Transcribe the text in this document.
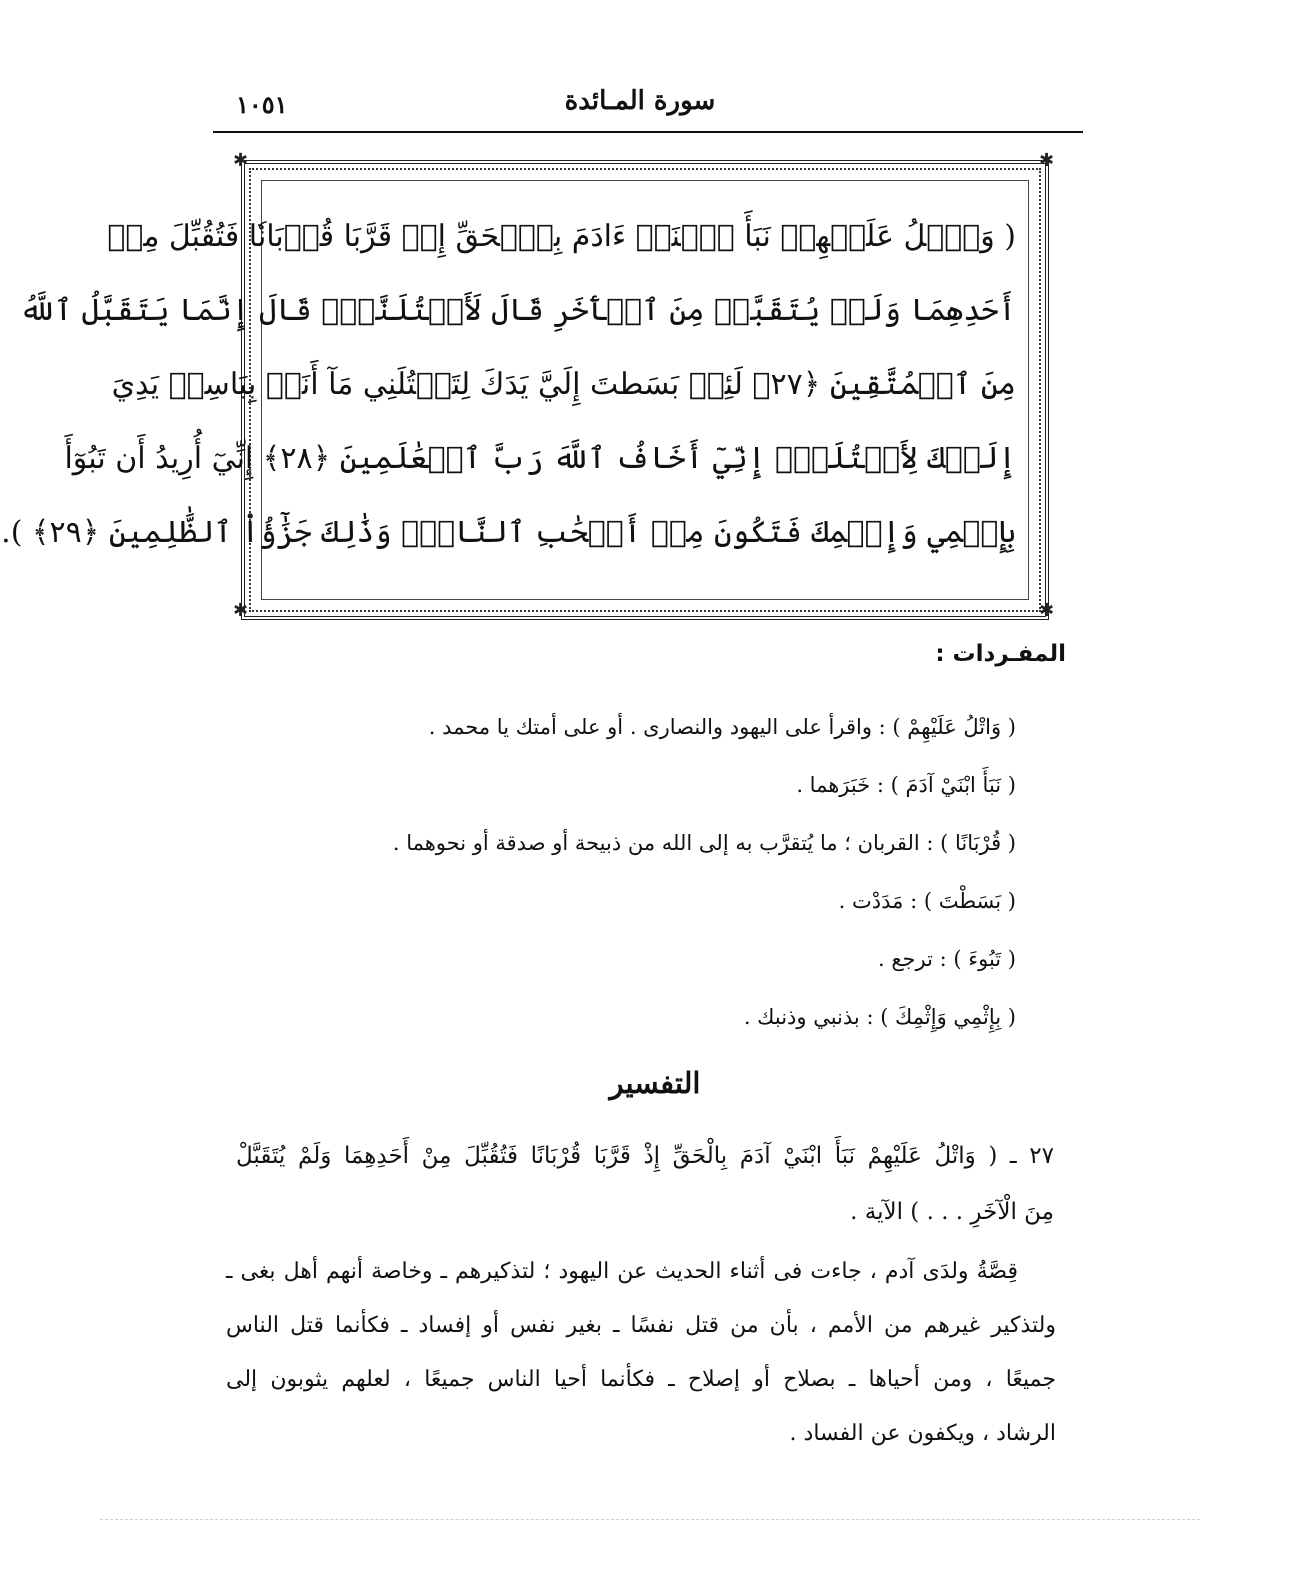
سورة المـائدة
١٠٥١
✱	✱
✱	✱
( وَٱتۡلُ عَلَيۡهِمۡ نَبَأَ ٱبۡنَيۡ ءَادَمَ بِٱلۡحَقِّ إِذۡ قَرَّبَا قُرۡبَانٗا فَتُقُبِّلَ مِنۡ
أَحَدِهِمَا وَلَمۡ يُتَقَبَّلۡ مِنَ ٱلۡأٓخَرِ قَالَ لَأَقۡتُلَنَّكَۖ قَالَ إِنَّمَا يَتَقَبَّلُ ٱللَّهُ
مِنَ ٱلۡمُتَّقِينَ ﴿٢٧﴾ لَئِنۢ بَسَطتَ إِلَيَّ يَدَكَ لِتَقۡتُلَنِي مَآ أَنَا۠ بِبَاسِطٖ يَدِيَ
إِلَيۡكَ لِأَقۡتُلَكَۖ إِنِّيٓ أَخَافُ ٱللَّهَ رَبَّ ٱلۡعَٰلَمِينَ ﴿٢٨﴾ إِنِّيٓ أُرِيدُ أَن تَبُوٓأَ
بِإِثۡمِي وَإِثۡمِكَ فَتَكُونَ مِنۡ أَصۡحَٰبِ ٱلنَّارِۚ وَذَٰلِكَ جَزَٰٓؤُاْ ٱلظَّٰلِمِينَ ﴿٢٩﴾ ).
المفـردات :
( وَاتْلُ عَلَيْهِمْ ) : واقرأ على اليهود والنصارى . أو على أمتك يا محمد .
( نَبَأَ ابْنَيْ آدَمَ ) : خَبَرَهما .
( قُرْبَانًا ) : القربان ؛ ما يُتقرَّب به إلى الله من ذبيحة أو صدقة أو نحوهما .
( بَسَطْتَ ) : مَدَدْت .
( تَبُوءَ ) : ترجع .
( بِإِثْمِي وَإِثْمِكَ ) : بذنبي وذنبك .
التفسير
٢٧ ـ ( وَاتْلُ عَلَيْهِمْ نَبَأَ ابْنَيْ آدَمَ بِالْحَقِّ إِذْ قَرَّبَا قُرْبَانًا فَتُقُبِّلَ مِنْ أَحَدِهِمَا وَلَمْ يُتَقَبَّلْ
مِنَ الْآخَرِ . . . ) الآية .
قِصَّةُ ولدَى آدم ، جاءت فى أثناء الحديث عن اليهود ؛ لتذكيرهم ـ وخاصة أنهم أهل بغى ـ
ولتذكير غيرهم من الأمم ، بأن من قتل نفسًا ـ بغير نفس أو إفساد ـ فكأنما قتل الناس
جميعًا ، ومن أحياها ـ بصلاح أو إصلاح ـ فكأنما أحيا الناس جميعًا ، لعلهم يثوبون إلى
الرشاد ، ويكفون عن الفساد .
